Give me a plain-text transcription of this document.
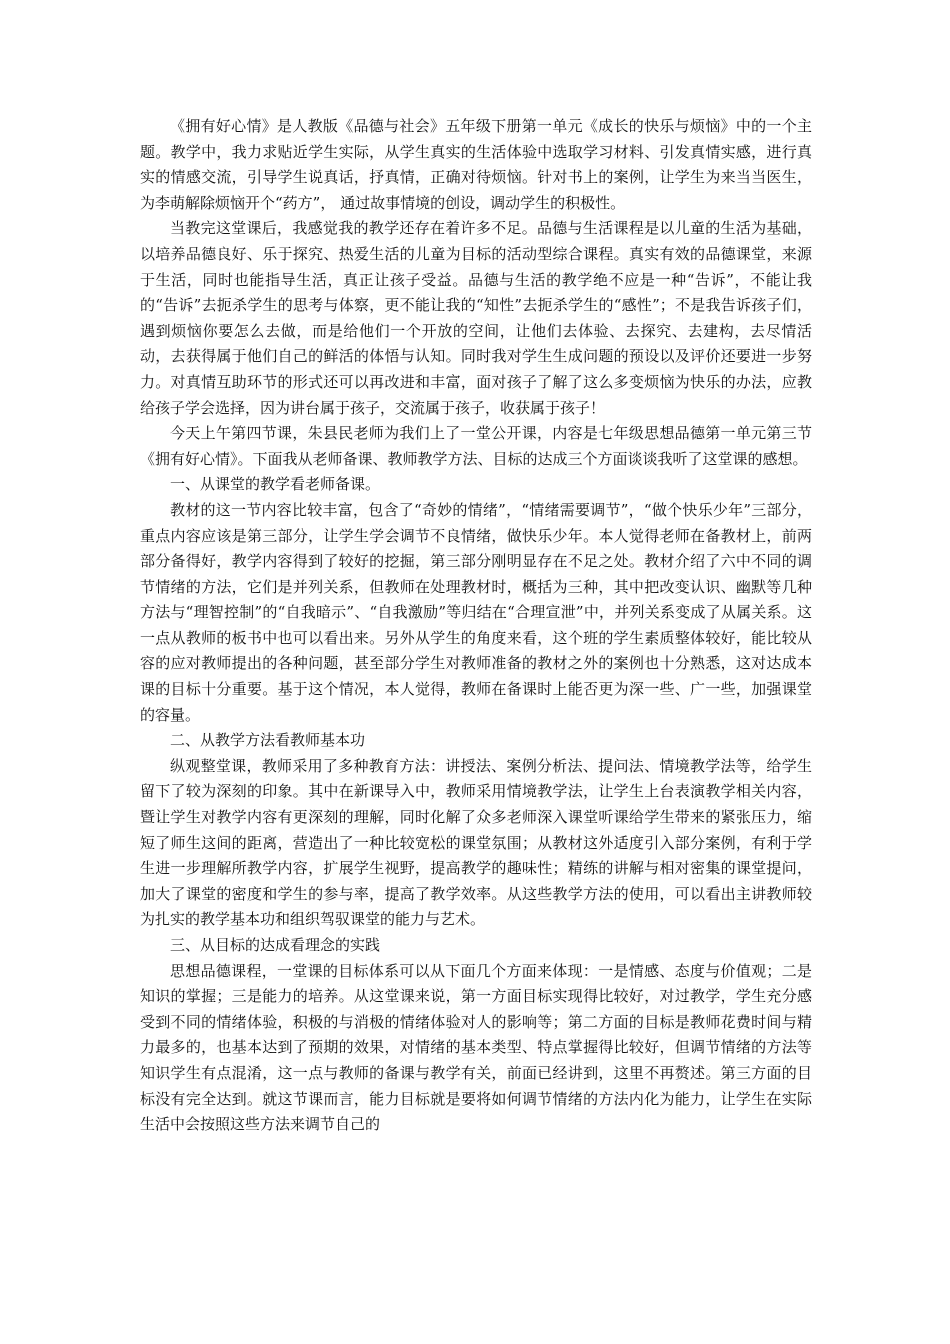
《拥有好心情》是人教版《品德与社会》五年级下册第一单元《成长的快乐与烦恼》中的一个主题。教学中，我力求贴近学生实际，从学生真实的生活体验中选取学习材料、引发真情实感，进行真实的情感交流，引导学生说真话，抒真情，正确对待烦恼。针对书上的案例，让学生为来当当医生，为李萌解除烦恼开个“药方”， 通过故事情境的创设，调动学生的积极性。

当教完这堂课后，我感觉我的教学还存在着许多不足。品德与生活课程是以儿童的生活为基础，以培养品德良好、乐于探究、热爱生活的儿童为目标的活动型综合课程。真实有效的品德课堂，来源于生活，同时也能指导生活，真正让孩子受益。品德与生活的教学绝不应是一种“告诉”，不能让我的“告诉”去扼杀学生的思考与体察，更不能让我的“知性”去扼杀学生的“感性”；不是我告诉孩子们，遇到烦恼你要怎么去做，而是给他们一个开放的空间，让他们去体验、去探究、去建构，去尽情活动，去获得属于他们自己的鲜活的体悟与认知。同时我对学生生成问题的预设以及评价还要进一步努力。对真情互助环节的形式还可以再改进和丰富，面对孩子了解了这么多变烦恼为快乐的办法，应教给孩子学会选择，因为讲台属于孩子，交流属于孩子，收获属于孩子！

今天上午第四节课，朱县民老师为我们上了一堂公开课，内容是七年级思想品德第一单元第三节《拥有好心情》。下面我从老师备课、教师教学方法、目标的达成三个方面谈谈我听了这堂课的感想。

一、从课堂的教学看老师备课。

教材的这一节内容比较丰富，包含了“奇妙的情绪”，“情绪需要调节”，“做个快乐少年”三部分，重点内容应该是第三部分，让学生学会调节不良情绪，做快乐少年。本人觉得老师在备教材上，前两部分备得好，教学内容得到了较好的挖掘，第三部分刚明显存在不足之处。教材介绍了六中不同的调节情绪的方法，它们是并列关系，但教师在处理教材时，概括为三种，其中把改变认识、幽默等几种方法与“理智控制”的“自我暗示”、“自我激励”等归结在“合理宣泄”中，并列关系变成了从属关系。这一点从教师的板书中也可以看出来。另外从学生的角度来看，这个班的学生素质整体较好，能比较从容的应对教师提出的各种问题，甚至部分学生对教师准备的教材之外的案例也十分熟悉，这对达成本课的目标十分重要。基于这个情况，本人觉得，教师在备课时上能否更为深一些、广一些，加强课堂的容量。

二、从教学方法看教师基本功

纵观整堂课，教师采用了多种教育方法：讲授法、案例分析法、提问法、情境教学法等，给学生留下了较为深刻的印象。其中在新课导入中，教师采用情境教学法，让学生上台表演教学相关内容，暨让学生对教学内容有更深刻的理解，同时化解了众多老师深入课堂听课给学生带来的紧张压力，缩短了师生这间的距离，营造出了一种比较宽松的课堂氛围；从教材这外适度引入部分案例，有利于学生进一步理解所教学内容，扩展学生视野，提高教学的趣味性；精练的讲解与相对密集的课堂提问，加大了课堂的密度和学生的参与率，提高了教学效率。从这些教学方法的使用，可以看出主讲教师较为扎实的教学基本功和组织驾驭课堂的能力与艺术。

三、从目标的达成看理念的实践

思想品德课程，一堂课的目标体系可以从下面几个方面来体现：一是情感、态度与价值观；二是知识的掌握；三是能力的培养。从这堂课来说，第一方面目标实现得比较好，对过教学，学生充分感受到不同的情绪体验，积极的与消极的情绪体验对人的影响等；第二方面的目标是教师花费时间与精力最多的，也基本达到了预期的效果，对情绪的基本类型、特点掌握得比较好，但调节情绪的方法等知识学生有点混淆，这一点与教师的备课与教学有关，前面已经讲到，这里不再赘述。第三方面的目标没有完全达到。就这节课而言，能力目标就是要将如何调节情绪的方法内化为能力，让学生在实际生活中会按照这些方法来调节自己的
